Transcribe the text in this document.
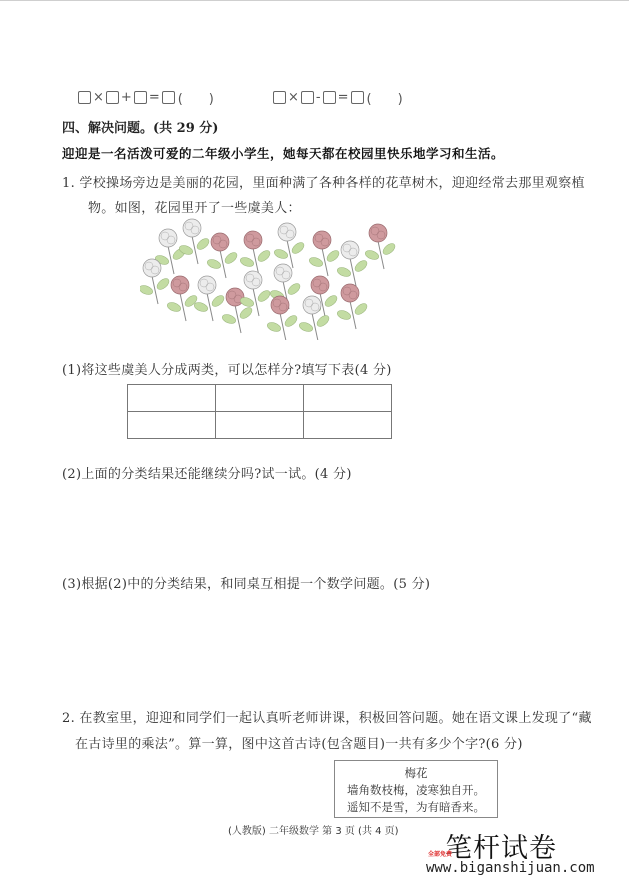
× + = (　　)	× - = (　　)
四、解决问题。(共 29 分)
迎迎是一名活泼可爱的二年级小学生，她每天都在校园里快乐地学习和生活。
1. 学校操场旁边是美丽的花园，里面种满了各种各样的花草树木，迎迎经常去那里观察植
物。如图，花园里开了一些虞美人：
(1)将这些虞美人分成两类，可以怎样分?填写下表(4 分)

(2)上面的分类结果还能继续分吗?试一试。(4 分)
(3)根据(2)中的分类结果，和同桌互相提一个数学问题。(5 分)
2. 在教室里，迎迎和同学们一起认真听老师讲课，积极回答问题。她在语文课上发现了“藏
在古诗里的乘法”。算一算，图中这首古诗(包含题目)一共有多少个字?(6 分)
梅花
墙角数枝梅，凌寒独自开。
遥知不是雪，为有暗香来。
(人教版) 二年级数学 第 3 页 (共 4 页)
笔杆试卷
全部免费
www.biganshijuan.com
